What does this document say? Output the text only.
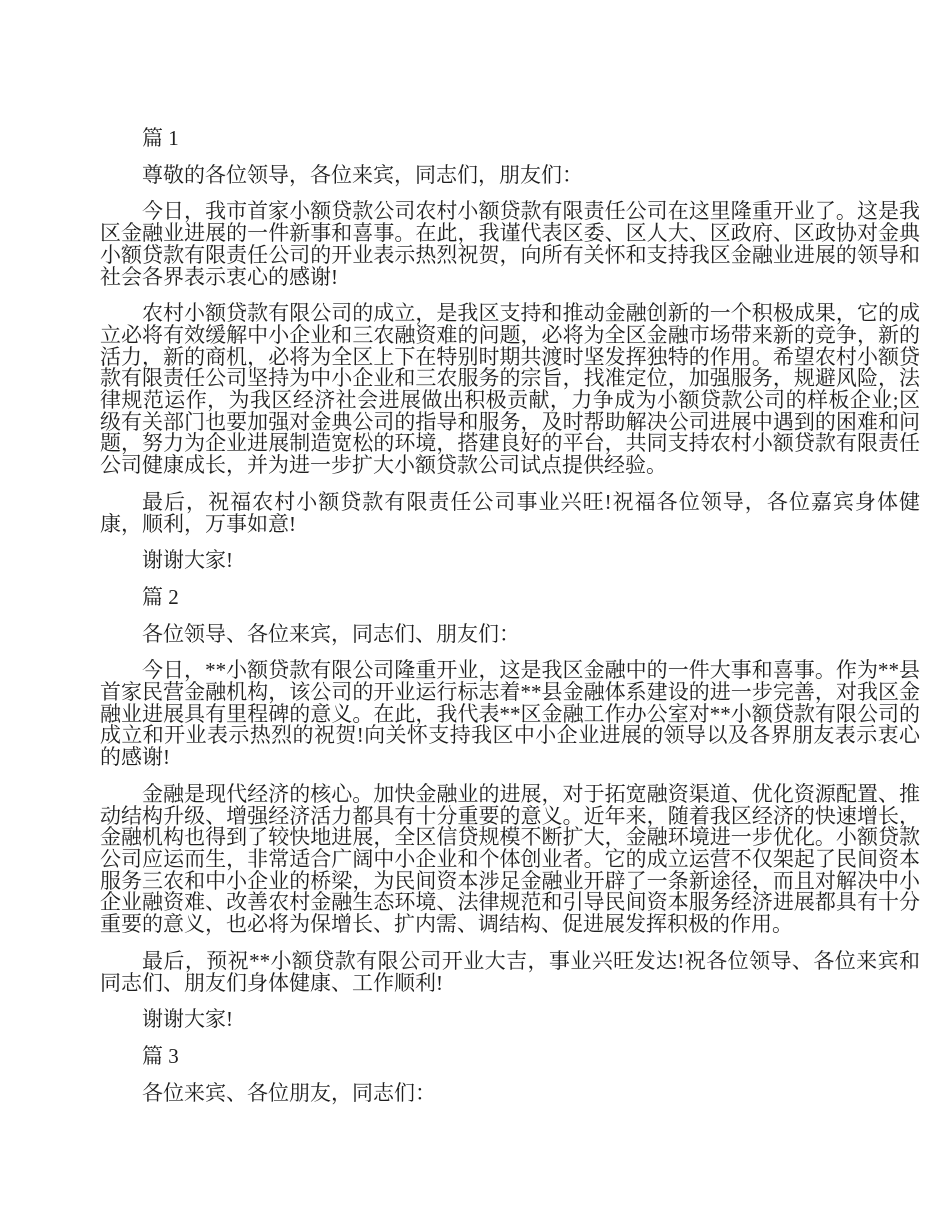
篇 1

尊敬的各位领导，各位来宾，同志们，朋友们：

今日，我市首家小额贷款公司农村小额贷款有限责任公司在这里隆重开业了。这是我区金融业进展的一件新事和喜事。在此，我谨代表区委、区人大、区政府、区政协对金典小额贷款有限责任公司的开业表示热烈祝贺，向所有关怀和支持我区金融业进展的领导和社会各界表示衷心的感谢!

农村小额贷款有限公司的成立，是我区支持和推动金融创新的一个积极成果，它的成立必将有效缓解中小企业和三农融资难的问题，必将为全区金融市场带来新的竞争，新的活力，新的商机，必将为全区上下在特别时期共渡时坚发挥独特的作用。希望农村小额贷款有限责任公司坚持为中小企业和三农服务的宗旨，找准定位，加强服务，规避风险，法律规范运作，为我区经济社会进展做出积极贡献，力争成为小额贷款公司的样板企业;区级有关部门也要加强对金典公司的指导和服务，及时帮助解决公司进展中遇到的困难和问题，努力为企业进展制造宽松的环境，搭建良好的平台，共同支持农村小额贷款有限责任公司健康成长，并为进一步扩大小额贷款公司试点提供经验。

最后，祝福农村小额贷款有限责任公司事业兴旺!祝福各位领导，各位嘉宾身体健康，顺利，万事如意!

谢谢大家!

篇 2

各位领导、各位来宾，同志们、朋友们：

今日，**小额贷款有限公司隆重开业，这是我区金融中的一件大事和喜事。作为**县首家民营金融机构，该公司的开业运行标志着**县金融体系建设的进一步完善，对我区金融业进展具有里程碑的意义。在此，我代表**区金融工作办公室对**小额贷款有限公司的成立和开业表示热烈的祝贺!向关怀支持我区中小企业进展的领导以及各界朋友表示衷心的感谢!

金融是现代经济的核心。加快金融业的进展，对于拓宽融资渠道、优化资源配置、推动结构升级、增强经济活力都具有十分重要的意义。近年来，随着我区经济的快速增长，金融机构也得到了较快地进展，全区信贷规模不断扩大，金融环境进一步优化。小额贷款公司应运而生，非常适合广阔中小企业和个体创业者。它的成立运营不仅架起了民间资本服务三农和中小企业的桥梁，为民间资本涉足金融业开辟了一条新途径，而且对解决中小企业融资难、改善农村金融生态环境、法律规范和引导民间资本服务经济进展都具有十分重要的意义，也必将为保增长、扩内需、调结构、促进展发挥积极的作用。

最后，预祝**小额贷款有限公司开业大吉，事业兴旺发达!祝各位领导、各位来宾和同志们、朋友们身体健康、工作顺利!

谢谢大家!

篇 3

各位来宾、各位朋友，同志们：
